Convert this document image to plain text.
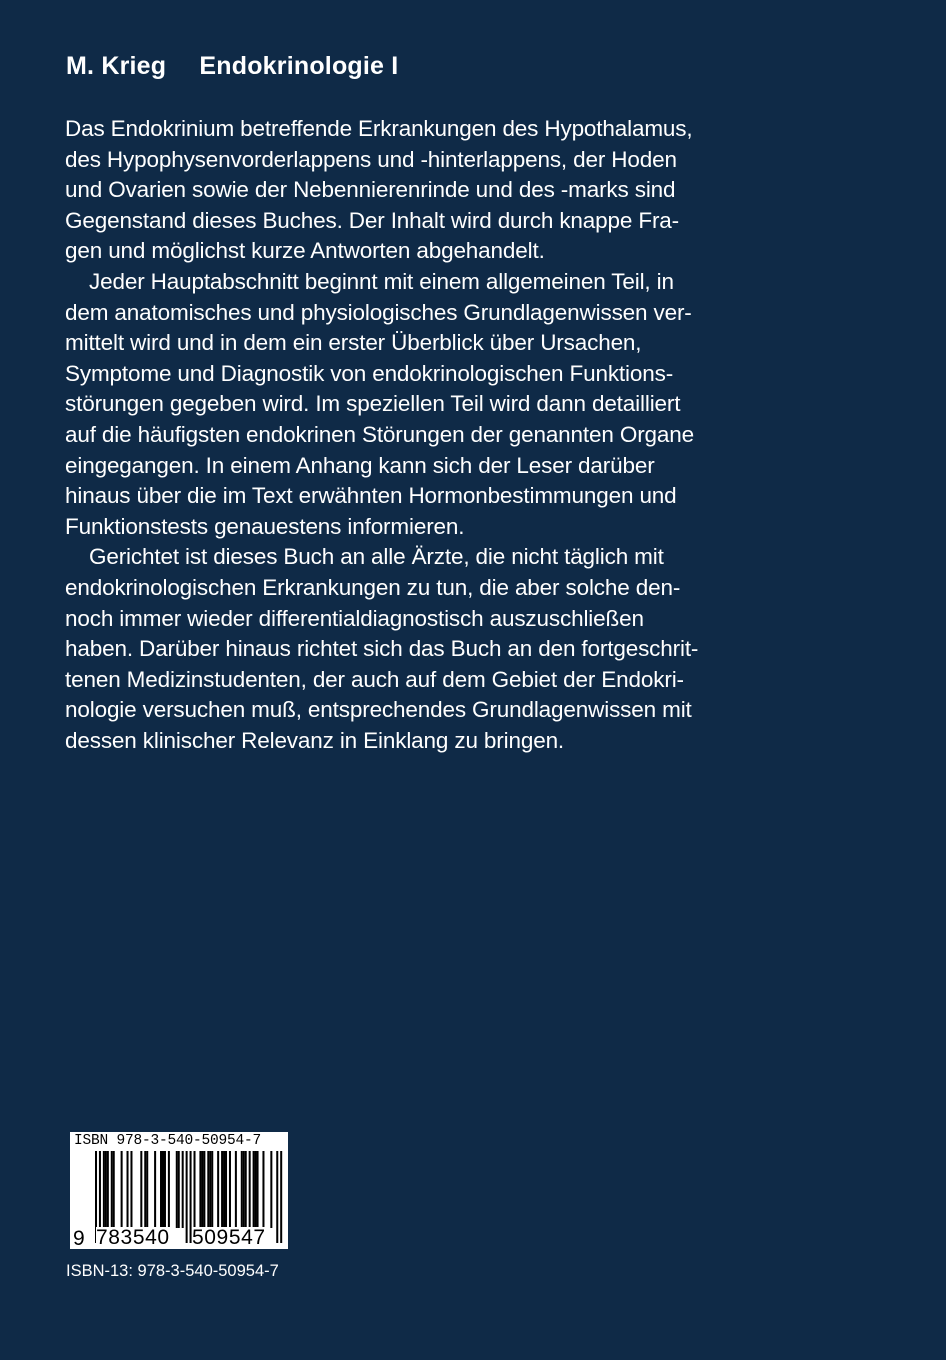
M. Krieg Endokrinologie I
Das Endokrinium betreffende Erkrankungen des Hypothalamus,
des Hypophysenvorderlappens und -hinterlappens, der Hoden
und Ovarien sowie der Nebennierenrinde und des -marks sind
Gegenstand dieses Buches. Der Inhalt wird durch knappe Fra-
gen und möglichst kurze Antworten abgehandelt.
Jeder Hauptabschnitt beginnt mit einem allgemeinen Teil, in
dem anatomisches und physiologisches Grundlagenwissen ver-
mittelt wird und in dem ein erster Überblick über Ursachen,
Symptome und Diagnostik von endokrinologischen Funktions-
störungen gegeben wird. Im speziellen Teil wird dann detailliert
auf die häufigsten endokrinen Störungen der genannten Organe
eingegangen. In einem Anhang kann sich der Leser darüber
hinaus über die im Text erwähnten Hormonbestimmungen und
Funktionstests genauestens informieren.
Gerichtet ist dieses Buch an alle Ärzte, die nicht täglich mit
endokrinologischen Erkrankungen zu tun, die aber solche den-
noch immer wieder differentialdiagnostisch auszuschließen
haben. Darüber hinaus richtet sich das Buch an den fortgeschrit-
tenen Medizinstudenten, der auch auf dem Gebiet der Endokri-
nologie versuchen muß, entsprechendes Grundlagenwissen mit
dessen klinischer Relevanz in Einklang zu bringen.
ISBN 978-3-540-50954-7
9 783540 509547
ISBN-13: 978-3-540-50954-7
